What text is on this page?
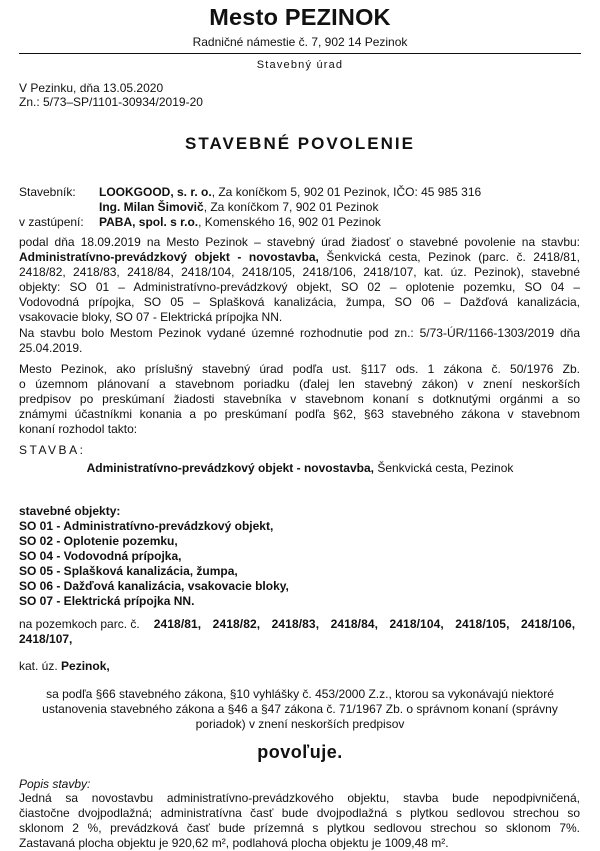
Mesto PEZINOK
Radničné námestie č. 7, 902 14 Pezinok
Stavebný úrad
V Pezinku, dňa 13.05.2020
Zn.: 5/73–SP/1101-30934/2019-20
STAVEBNÉ POVOLENIE
Stavebník: LOOKGOOD, s. r. o., Za koníčkom 5, 902 01 Pezinok, IČO: 45 985 316
Ing. Milan Šimovič, Za koníčkom 7, 902 01 Pezinok
v zastúpení: PABA, spol. s r.o., Komenského 16, 902 01 Pezinok
podal dňa 18.09.2019 na Mesto Pezinok – stavebný úrad žiadosť o stavebné povolenie na stavbu:
Administratívno-prevádzkový objekt - novostavba, Šenkvická cesta, Pezinok (parc. č. 2418/81,
2418/82, 2418/83, 2418/84, 2418/104, 2418/105, 2418/106, 2418/107, kat. úz. Pezinok), stavebné
objekty: SO 01 – Administratívno-prevádzkový objekt, SO 02 – oplotenie pozemku, SO 04 –
Vodovodná prípojka, SO 05 – Splašková kanalizácia, žumpa, SO 06 – Dažďová kanalizácia,
vsakovacie bloky, SO 07 - Elektrická prípojka NN.
Na stavbu bolo Mestom Pezinok vydané územné rozhodnutie pod zn.: 5/73-ÚR/1166-1303/2019 dňa
25.04.2019.
Mesto Pezinok, ako príslušný stavebný úrad podľa ust. §117 ods. 1 zákona č. 50/1976 Zb.
o územnom plánovaní a stavebnom poriadku (ďalej len stavebný zákon) v znení neskorších
predpisov po preskúmaní žiadosti stavebníka v stavebnom konaní s dotknutými orgánmi a so
známymi účastníkmi konania a po preskúmaní podľa §62, §63 stavebného zákona v stavebnom
konaní rozhodol takto:
STAVBA:
Administratívno-prevádzkový objekt - novostavba, Šenkvická cesta, Pezinok
stavebné objekty:
SO 01 - Administratívno-prevádzkový objekt,
SO 02 - Oplotenie pozemku,
SO 04 - Vodovodná prípojka,
SO 05 - Splašková kanalizácia, žumpa,
SO 06 - Dažďová kanalizácia, vsakovacie bloky,
SO 07 - Elektrická prípojka NN.
na pozemkoch parc. č. 2418/81, 2418/82, 2418/83, 2418/84, 2418/104, 2418/105, 2418/106,
2418/107,
kat. úz. Pezinok,
sa podľa §66 stavebného zákona, §10 vyhlášky č. 453/2000 Z.z., ktorou sa vykonávajú niektoré
ustanovenia stavebného zákona a §46 a §47 zákona č. 71/1967 Zb. o správnom konaní (správny
poriadok) v znení neskorších predpisov
povoľuje.
Popis stavby:
Jedná sa novostavbu administratívno-prevádzkového objektu, stavba bude nepodpivničená,
čiastočne dvojpodlažná; administratívna časť bude dvojpodlažná s plytkou sedlovou strechou so
sklonom 2 %, prevádzková časť bude prízemná s plytkou sedlovou strechou so sklonom 7%.
Zastavaná plocha objektu je 920,62 m², podlahová plocha objektu je 1009,48 m².
